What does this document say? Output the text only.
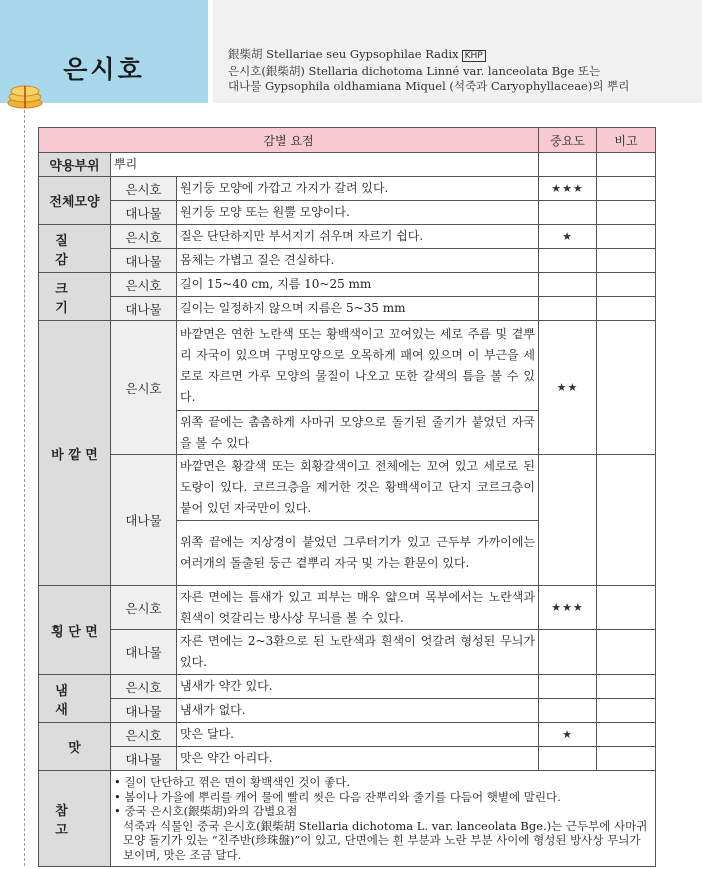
은시호
銀柴胡 Stellariae seu Gypsophilae Radix KHP
은시호(銀柴胡) Stellaria dichotoma Linné var. lanceolata Bge 또는
대나물 Gypsophila oldhamiana Miquel (석죽과 Caryophyllaceae)의 뿌리
감별 요점			중요도	비고
약용부위	뿌리			
전체모양	은시호	원기둥 모양에 가깝고 가지가 갈려 있다.	★★★	
	대나물	원기둥 모양 또는 원뿔 모양이다.		
질 감	은시호	질은 단단하지만 부서지기 쉬우며 자르기 쉽다.	★	
	대나물	몸체는 가볍고 질은 견실하다.		
크 기	은시호	길이 15~40 cm, 지름 10~25 mm		
	대나물	길이는 일정하지 않으며 지름은 5~35 mm		
바 깥 면	은시호	바깥면은 연한 노란색 또는 황백색이고 꼬여있는 세로 주름 및 곁뿌리 자국이 있으며 구멍모양으로 오목하게 패여 있으며 이 부근을 세로로 자르면 가루 모양의 물질이 나오고 또한 갈색의 틈을 볼 수 있다.	★★	
		위쪽 끝에는 촘촘하게 사마귀 모양으로 돌기된 줄기가 붙었던 자국을 볼 수 있다		
	대나물	바깥면은 황갈색 또는 회황갈색이고 전체에는 꼬여 있고 세로로 된 도랑이 있다. 코르크층을 제거한 것은 황백색이고 단지 코르크층이 붙어 있던 자국만이 있다.		
		위쪽 끝에는 지상경이 붙었던 그루터기가 있고 근두부 가까이에는 여러개의 돌출된 둥근 곁뿌리 자국 및 가는 환문이 있다.		
횡 단 면	은시호	자른 면에는 틈새가 있고 피부는 매우 얇으며 목부에서는 노란색과 흰색이 엇갈리는 방사상 무늬를 볼 수 있다.	★★★	
	대나물	자른 면에는 2~3환으로 된 노란색과 흰색이 엇갈려 형성된 무늬가 있다.		
냄 새	은시호	냄새가 약간 있다.		
	대나물	냄새가 없다.		
맛	은시호	맛은 달다.	★	
	대나물	맛은 약간 아리다.		
참 고	• 질이 단단하고 꺾은 면이 황백색인 것이 좋다.
• 봄이나 가을에 뿌리를 캐어 물에 빨리 씻은 다음 잔뿌리와 줄기를 다듬어 햇볕에 말린다.
• 중국 은시호(銀柴胡)와의 감별요점
석죽과 식물인 중국 은시호(銀柴胡 Stellaria dichotoma L. var. lanceolata Bge.)는 근두부에 사마귀 모양 돌기가 있는 “진주반(珍珠盤)”이 있고, 단면에는 흰 부분과 노란 부분 사이에 형성된 방사상 무늬가 보이며, 맛은 조금 달다.			
